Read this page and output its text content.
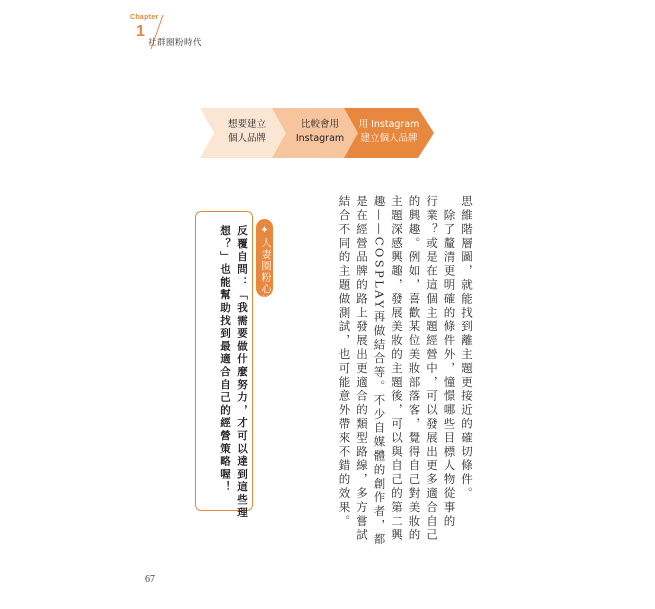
Chapter
1
社群圈粉時代
想要建立
個人品牌
比較會用
Instagram
用 Instagram
建立個人品牌
思維階層圖，就能找到離主題更接近的確切條件。
　除了釐清更明確的條件外，憧憬哪些目標人物從事的
行業？或是在這個主題經營中，可以發展出更多適合自己
的興趣。例如，喜歡某位美妝部落客，覺得自己對美妝的
主題深感興趣，發展美妝的主題後，可以與自己的第二興
趣——COSPLAY再做結合等。不少自媒體的創作者，都
是在經營品牌的路上發展出更適合的類型路線，多方嘗試
結合不同的主題做測試，也可能意外帶來不錯的效果。
✦人妻圈粉心法
反覆自問：「我需要做什麼努力，才可以達到這些理
想？」也能幫助找到最適合自己的經營策略喔！
67
